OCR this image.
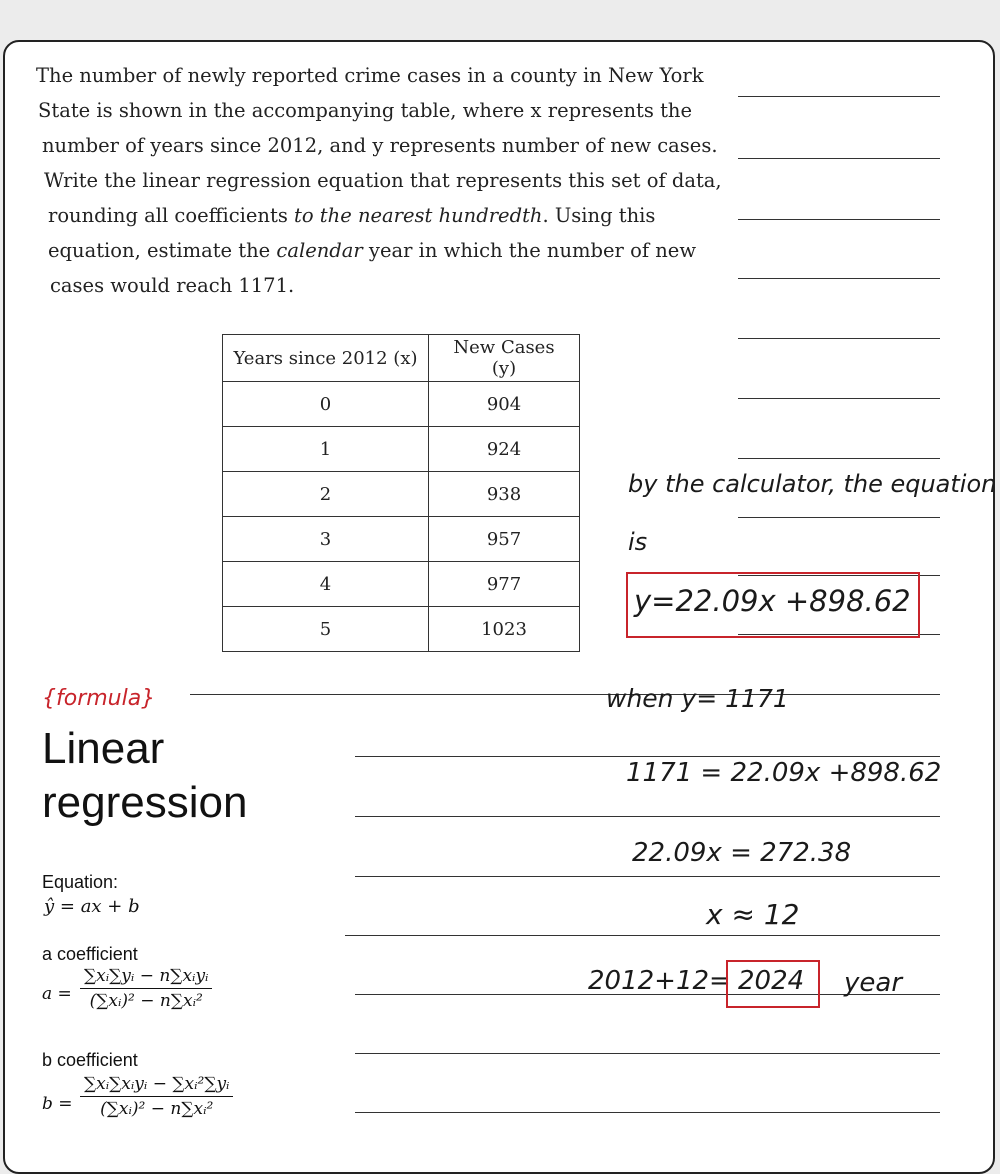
The number of newly reported crime cases in a county in New York
State is shown in the accompanying table, where x represents the
number of years since 2012, and y represents number of new cases.
Write the linear regression equation that represents this set of data,
rounding all coefficients to the nearest hundredth. Using this
equation, estimate the calendar year in which the number of new
cases would reach 1171.
Years since 2012 (x)	New Cases (y)
0	904
1	924
2	938
3	957
4	977
5	1023
by the calculator, the equation
is
y=22.09x +898.62
when y= 1171
1171 = 22.09x +898.62
22.09x = 272.38
x ≈ 12
2012+12= 2024 year
{formula}
Linear
regression
Equation:
ŷ = ax + b
a coefficient
a =
∑xᵢ∑yᵢ − n∑xᵢyᵢ
(∑xᵢ)² − n∑xᵢ²
b coefficient
b =
∑xᵢ∑xᵢyᵢ − ∑xᵢ²∑yᵢ
(∑xᵢ)² − n∑xᵢ²
